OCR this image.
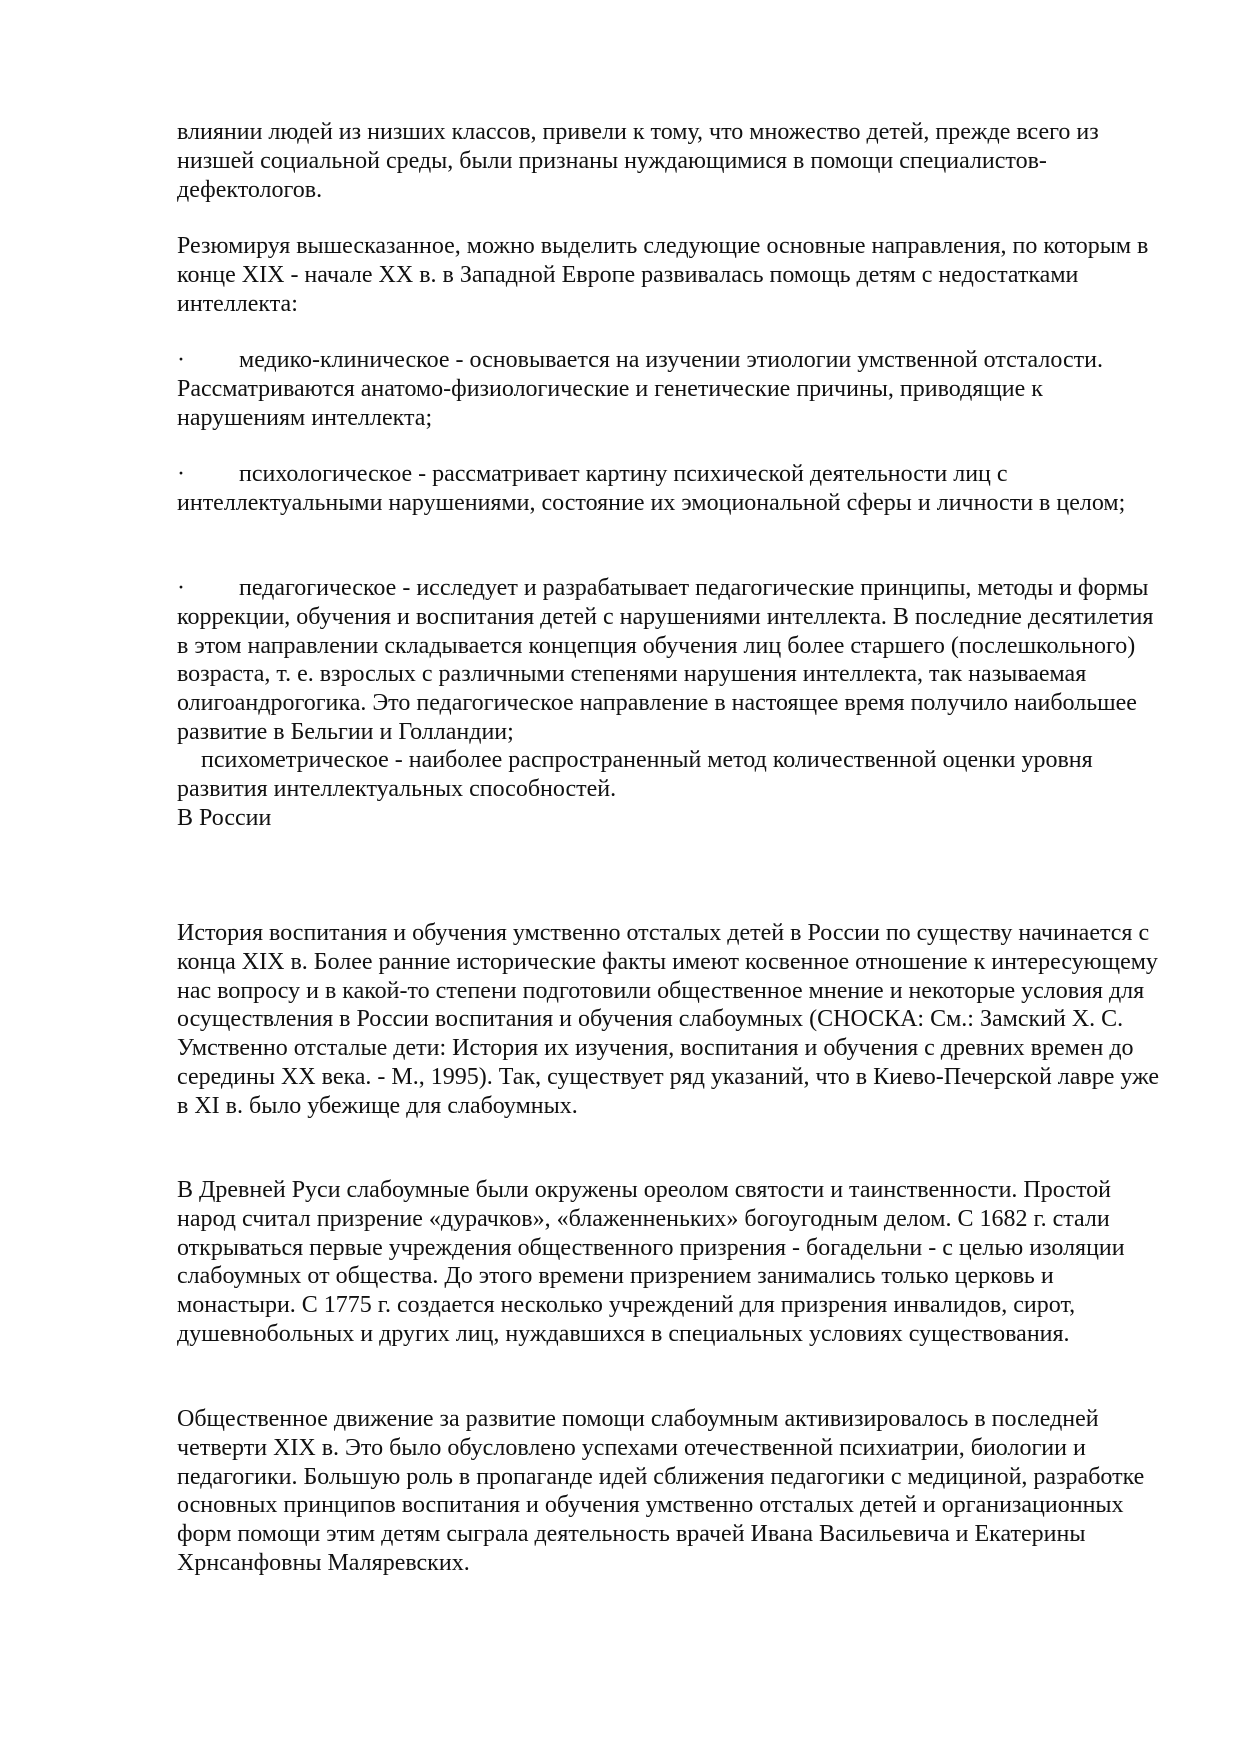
влиянии людей из низших классов, привели к тому, что множество детей, прежде всего из низшей социальной среды, были признаны нуждающимися в помощи специалистов-дефектологов.

Резюмируя вышесказанное, можно выделить следующие основные направления, по которым в конце XIX - начале XX в. в Западной Европе развивалась помощь детям с недостатками интеллекта:

· медико-клиническое - основывается на изучении этиологии умственной отсталости. Рассматриваются анатомо-физиологические и генетические причины, приводящие к нарушениям интеллекта;

· психологическое - рассматривает картину психической деятельности лиц с интеллектуальными нарушениями, состояние их эмоциональной сферы и личности в целом;

· педагогическое - исследует и разрабатывает педагогические принципы, методы и формы коррекции, обучения и воспитания детей с нарушениями интеллекта. В последние десятилетия в этом направлении складывается концепция обучения лиц более старшего (послешкольного) возраста, т. е. взрослых с различными степенями нарушения интеллекта, так называемая олигоандрогогика. Это педагогическое направление в настоящее время получило наибольшее развитие в Бельгии и Голландии;

психометрическое - наиболее распространенный метод количественной оценки уровня развития интеллектуальных способностей.

В России

История воспитания и обучения умственно отсталых детей в России по существу начинается с конца XIX в. Более ранние исторические факты имеют косвенное отношение к интересующему нас вопросу и в какой-то степени подготовили общественное мнение и некоторые условия для осуществления в России воспитания и обучения слабоумных (СНОСКА: См.: Замский X. С. Умственно отсталые дети: История их изучения, воспитания и обучения с древних времен до середины XX века. - М., 1995). Так, существует ряд указаний, что в Киево-Печерской лавре уже в XI в. было убежище для слабоумных.

В Древней Руси слабоумные были окружены ореолом святости и таинственности. Простой народ считал призрение «дурачков», «блаженненьких» богоугодным делом. С 1682 г. стали открываться первые учреждения общественного призрения - богадельни - с целью изоляции слабоумных от общества. До этого времени призрением занимались только церковь и монастыри. С 1775 г. создается несколько учреждений для призрения инвалидов, сирот, душевнобольных и других лиц, нуждавшихся в специальных условиях существования.

Общественное движение за развитие помощи слабоумным активизировалось в последней четверти XIX в. Это было обусловлено успехами отечественной психиатрии, биологии и педагогики. Большую роль в пропаганде идей сближения педагогики с медициной, разработке основных принципов воспитания и обучения умственно отсталых детей и организационных форм помощи этим детям сыграла деятельность врачей Ивана Васильевича и Екатерины Хрнсанфовны Маляревских.
